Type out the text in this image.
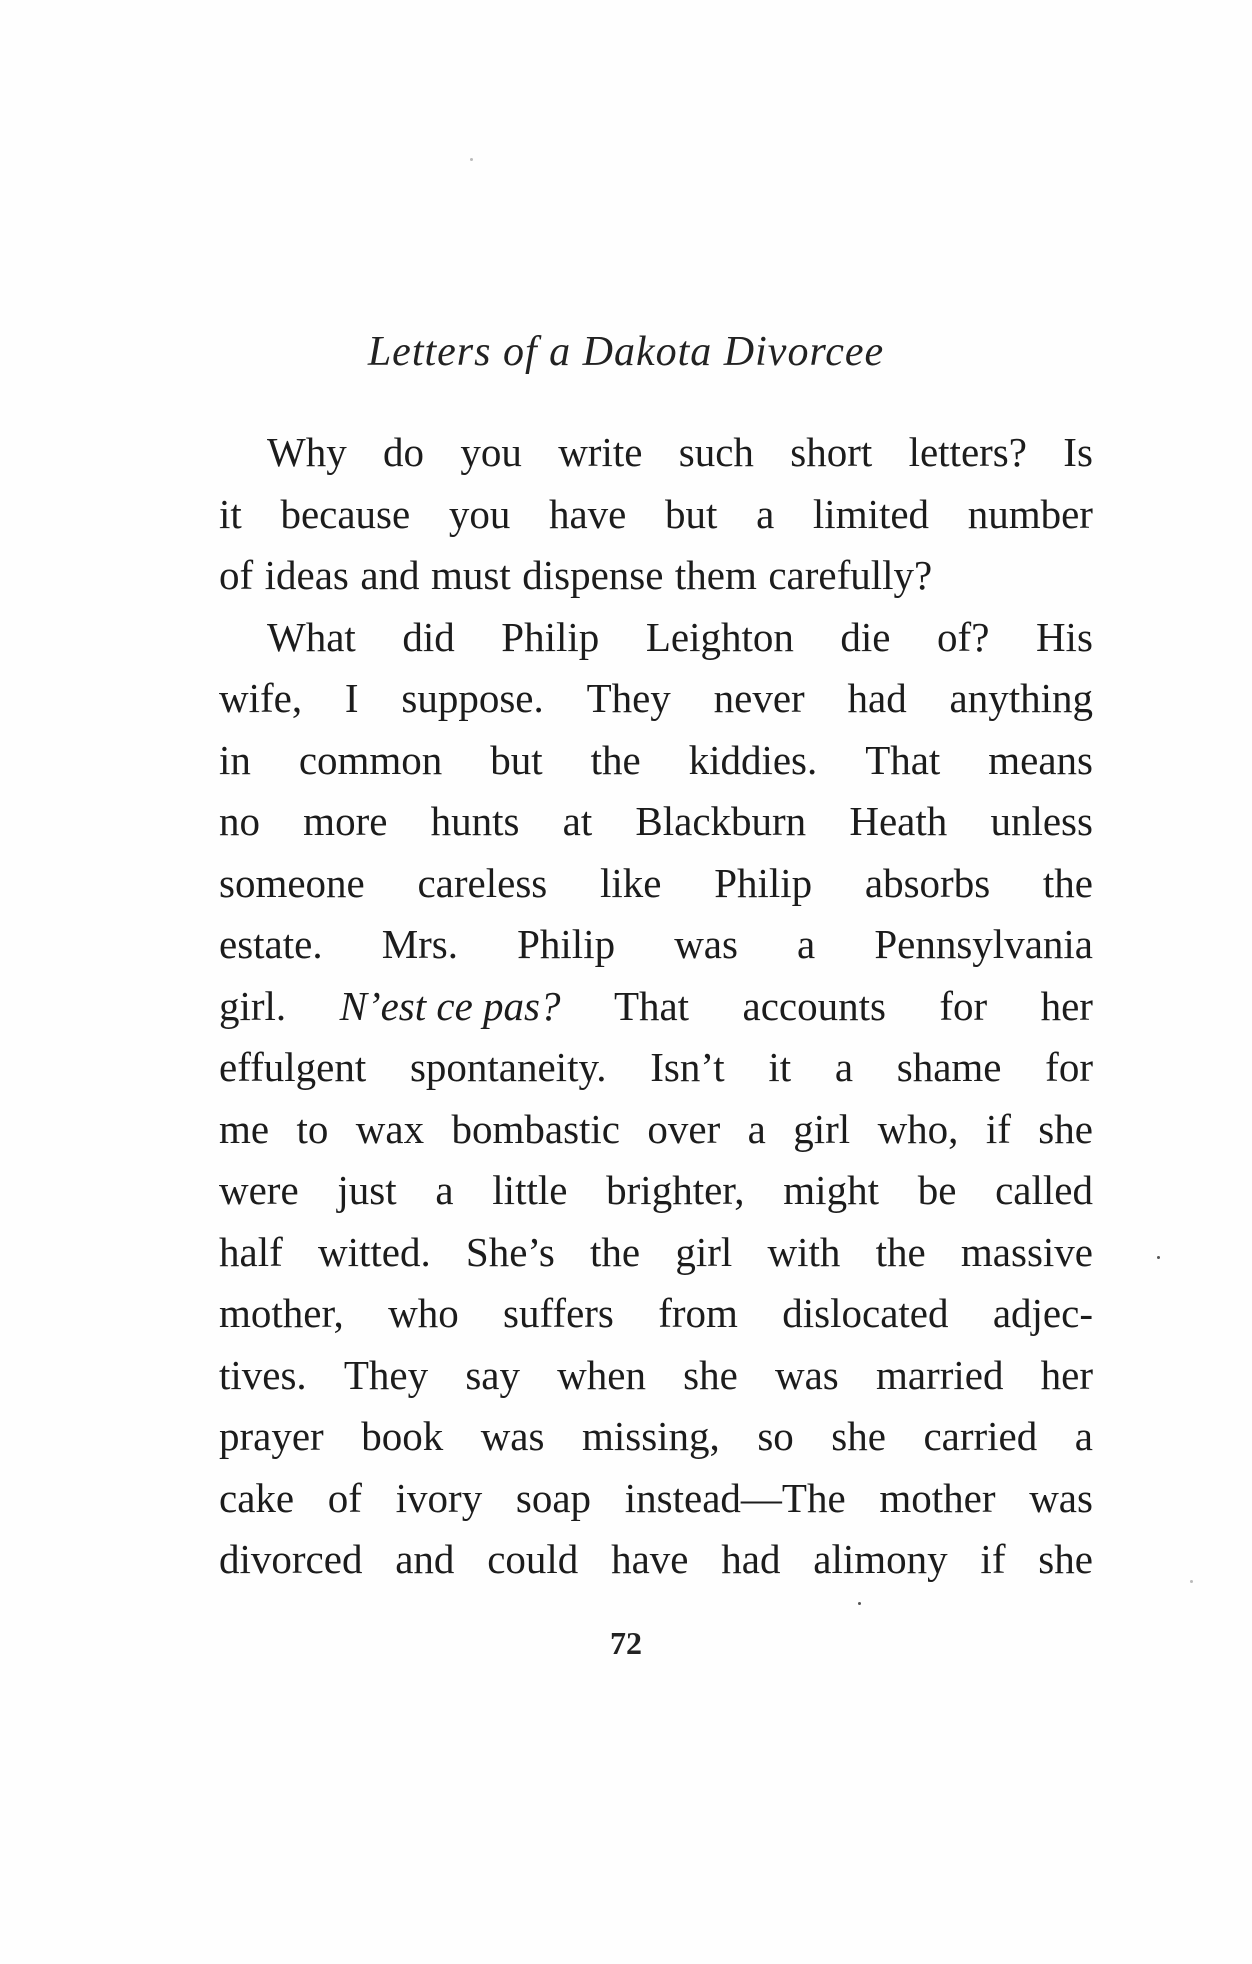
Letters of a Dakota Divorcee
Why do you write such short letters? Is
it because you have but a limited number
of ideas and must dispense them carefully?
What did Philip Leighton die of? His
wife, I suppose. They never had anything
in common but the kiddies. That means
no more hunts at Blackburn Heath unless
someone careless like Philip absorbs the
estate. Mrs. Philip was a Pennsylvania
girl. N’est ce pas? That accounts for her
effulgent spontaneity. Isn’t it a shame for
me to wax bombastic over a girl who, if she
were just a little brighter, might be called
half witted. She’s the girl with the massive
mother, who suffers from dislocated adjec-
tives. They say when she was married her
prayer book was missing, so she carried a
cake of ivory soap instead—The mother was
divorced and could have had alimony if she
72
